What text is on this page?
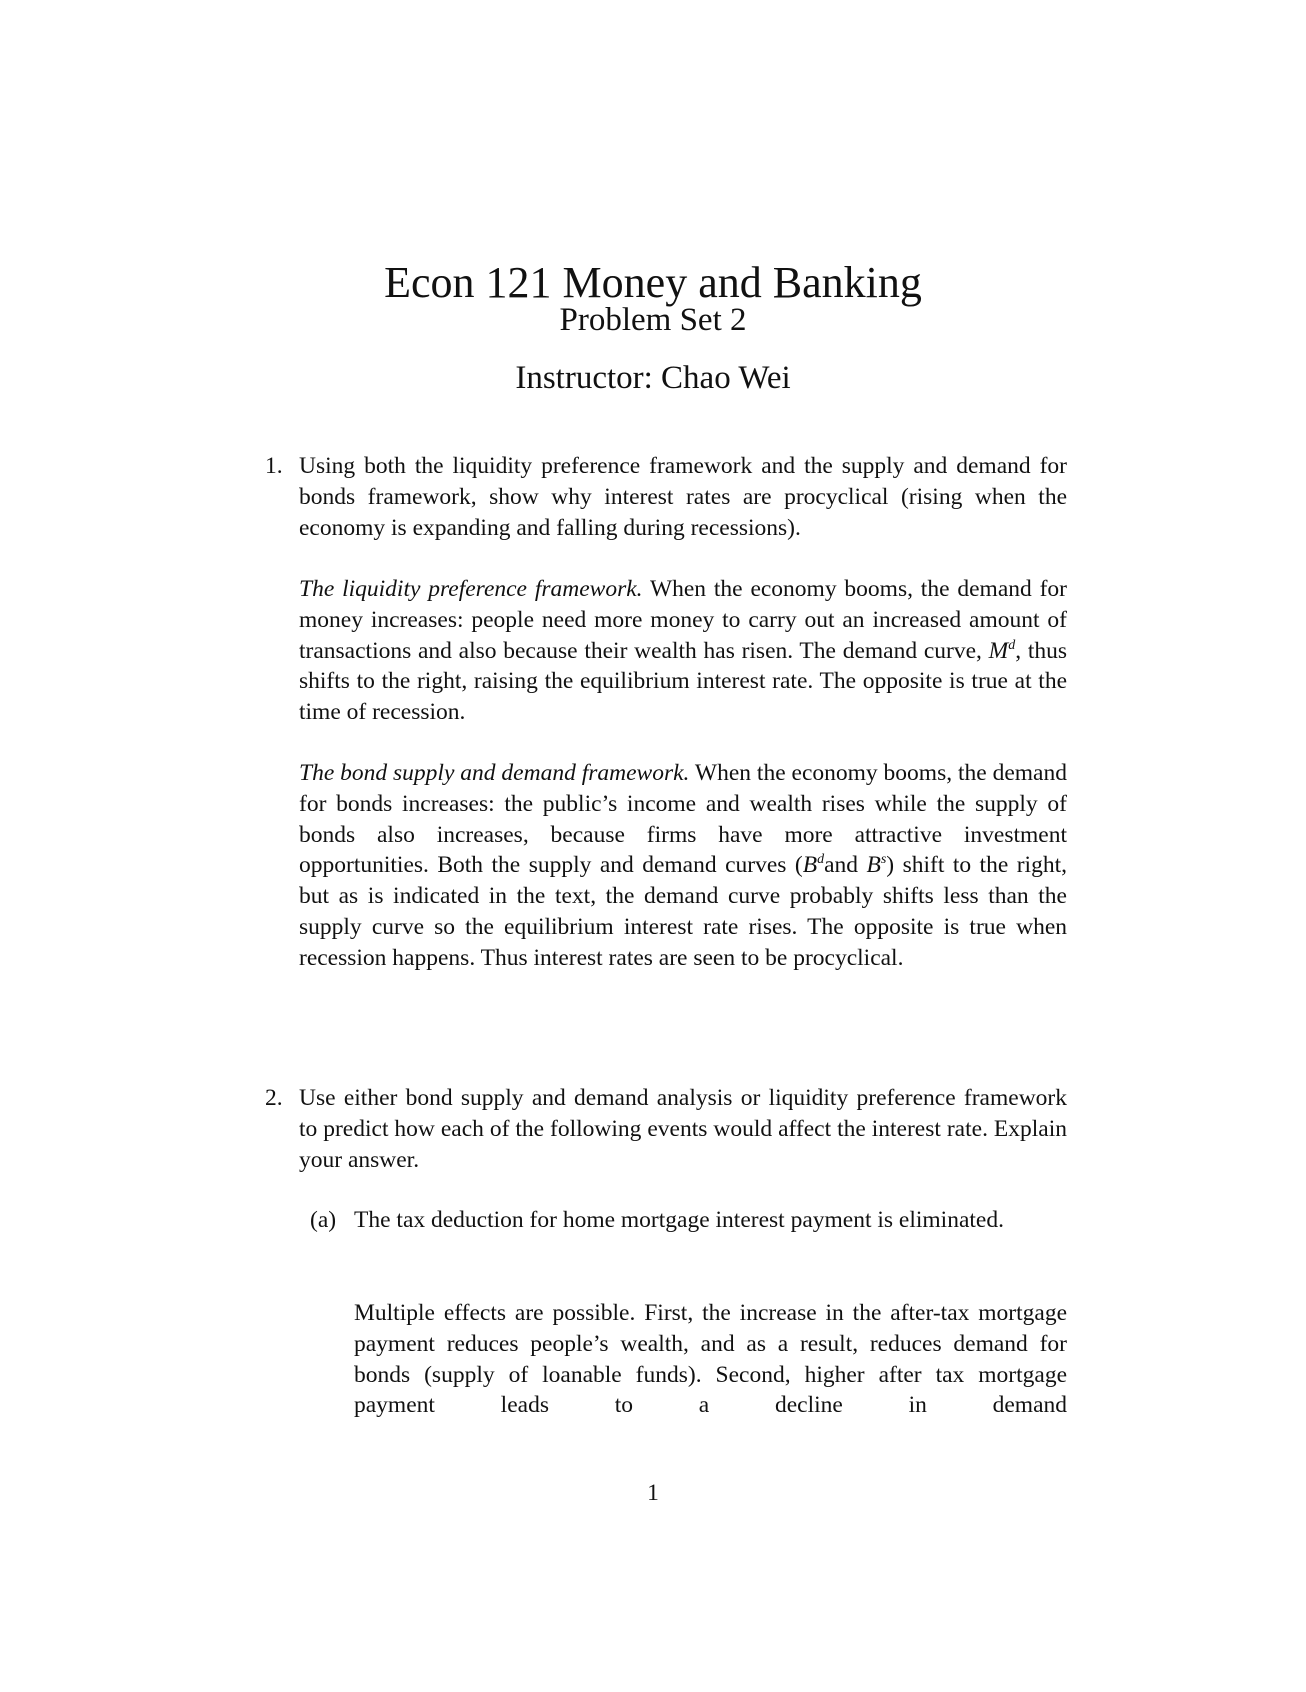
Econ 121 Money and Banking
Problem Set 2
Instructor: Chao Wei
1. Using both the liquidity preference framework and the supply and demand for bonds framework, show why interest rates are procyclical (rising when the economy is expanding and falling during recessions).

The liquidity preference framework. When the economy booms, the demand for money increases: people need more money to carry out an increased amount of transactions and also because their wealth has risen. The demand curve, $M^d$, thus shifts to the right, raising the equilibrium interest rate. The opposite is true at the time of recession.

The bond supply and demand framework. When the economy booms, the demand for bonds increases: the public’s income and wealth rises while the supply of bonds also increases, because firms have more attractive investment opportunities. Both the supply and demand curves ($B^dand$ $B^s$) shift to the right, but as is indicated in the text, the demand curve probably shifts less than the supply curve so the equilibrium interest rate rises. The opposite is true when recession happens. Thus interest rates are seen to be procyclical.

2. Use either bond supply and demand analysis or liquidity preference framework to predict how each of the following events would affect the interest rate. Explain your answer.

(a) The tax deduction for home mortgage interest payment is eliminated.

Multiple effects are possible. First, the increase in the after-tax mortgage payment reduces people’s wealth, and as a result, reduces demand for bonds (supply of loanable funds). Second, higher after tax mortgage payment leads to a decline in demand

1
